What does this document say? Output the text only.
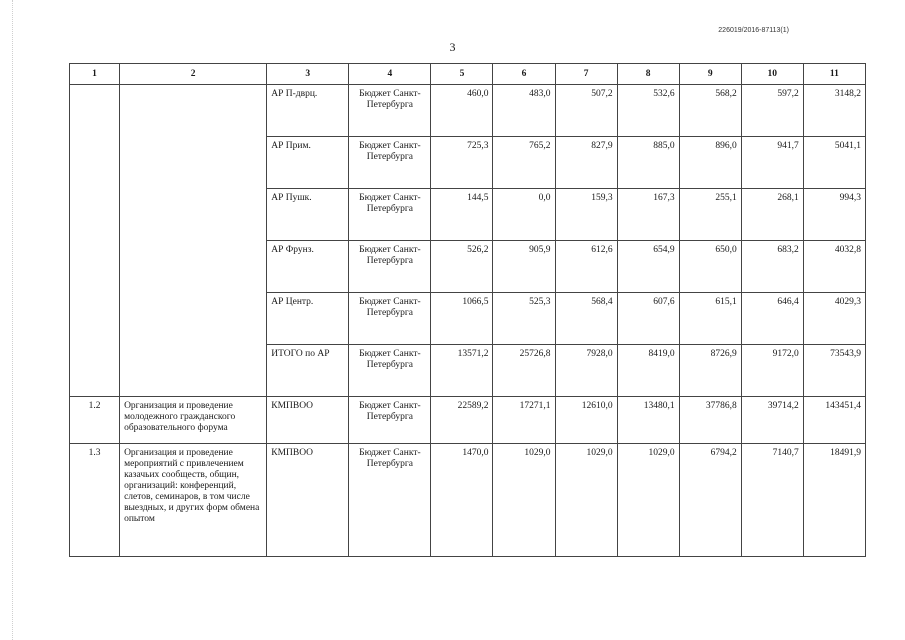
226019/2016-87113(1)
3
1	2	3	4	5	6	7	8	9	10	11
		АР П-дврц.	Бюджет Санкт-Петербурга	460,0	483,0	507,2	532,6	568,2	597,2	3148,2
		АР Прим.	Бюджет Санкт-Петербурга	725,3	765,2	827,9	885,0	896,0	941,7	5041,1
		АР Пушк.	Бюджет Санкт-Петербурга	144,5	0,0	159,3	167,3	255,1	268,1	994,3
		АР Фрунз.	Бюджет Санкт-Петербурга	526,2	905,9	612,6	654,9	650,0	683,2	4032,8
		АР Центр.	Бюджет Санкт-Петербурга	1066,5	525,3	568,4	607,6	615,1	646,4	4029,3
		ИТОГО по АР	Бюджет Санкт-Петербурга	13571,2	25726,8	7928,0	8419,0	8726,9	9172,0	73543,9
1.2	Организация и проведение молодежного гражданского образовательного форума	КМПВОО	Бюджет Санкт-Петербурга	22589,2	17271,1	12610,0	13480,1	37786,8	39714,2	143451,4
1.3	Организация и проведение мероприятий с привлечением казачьих сообществ, общин, организаций: конференций, слетов, семинаров, в том числе выездных, и других форм обмена опытом	КМПВОО	Бюджет Санкт-Петербурга	1470,0	1029,0	1029,0	1029,0	6794,2	7140,7	18491,9
